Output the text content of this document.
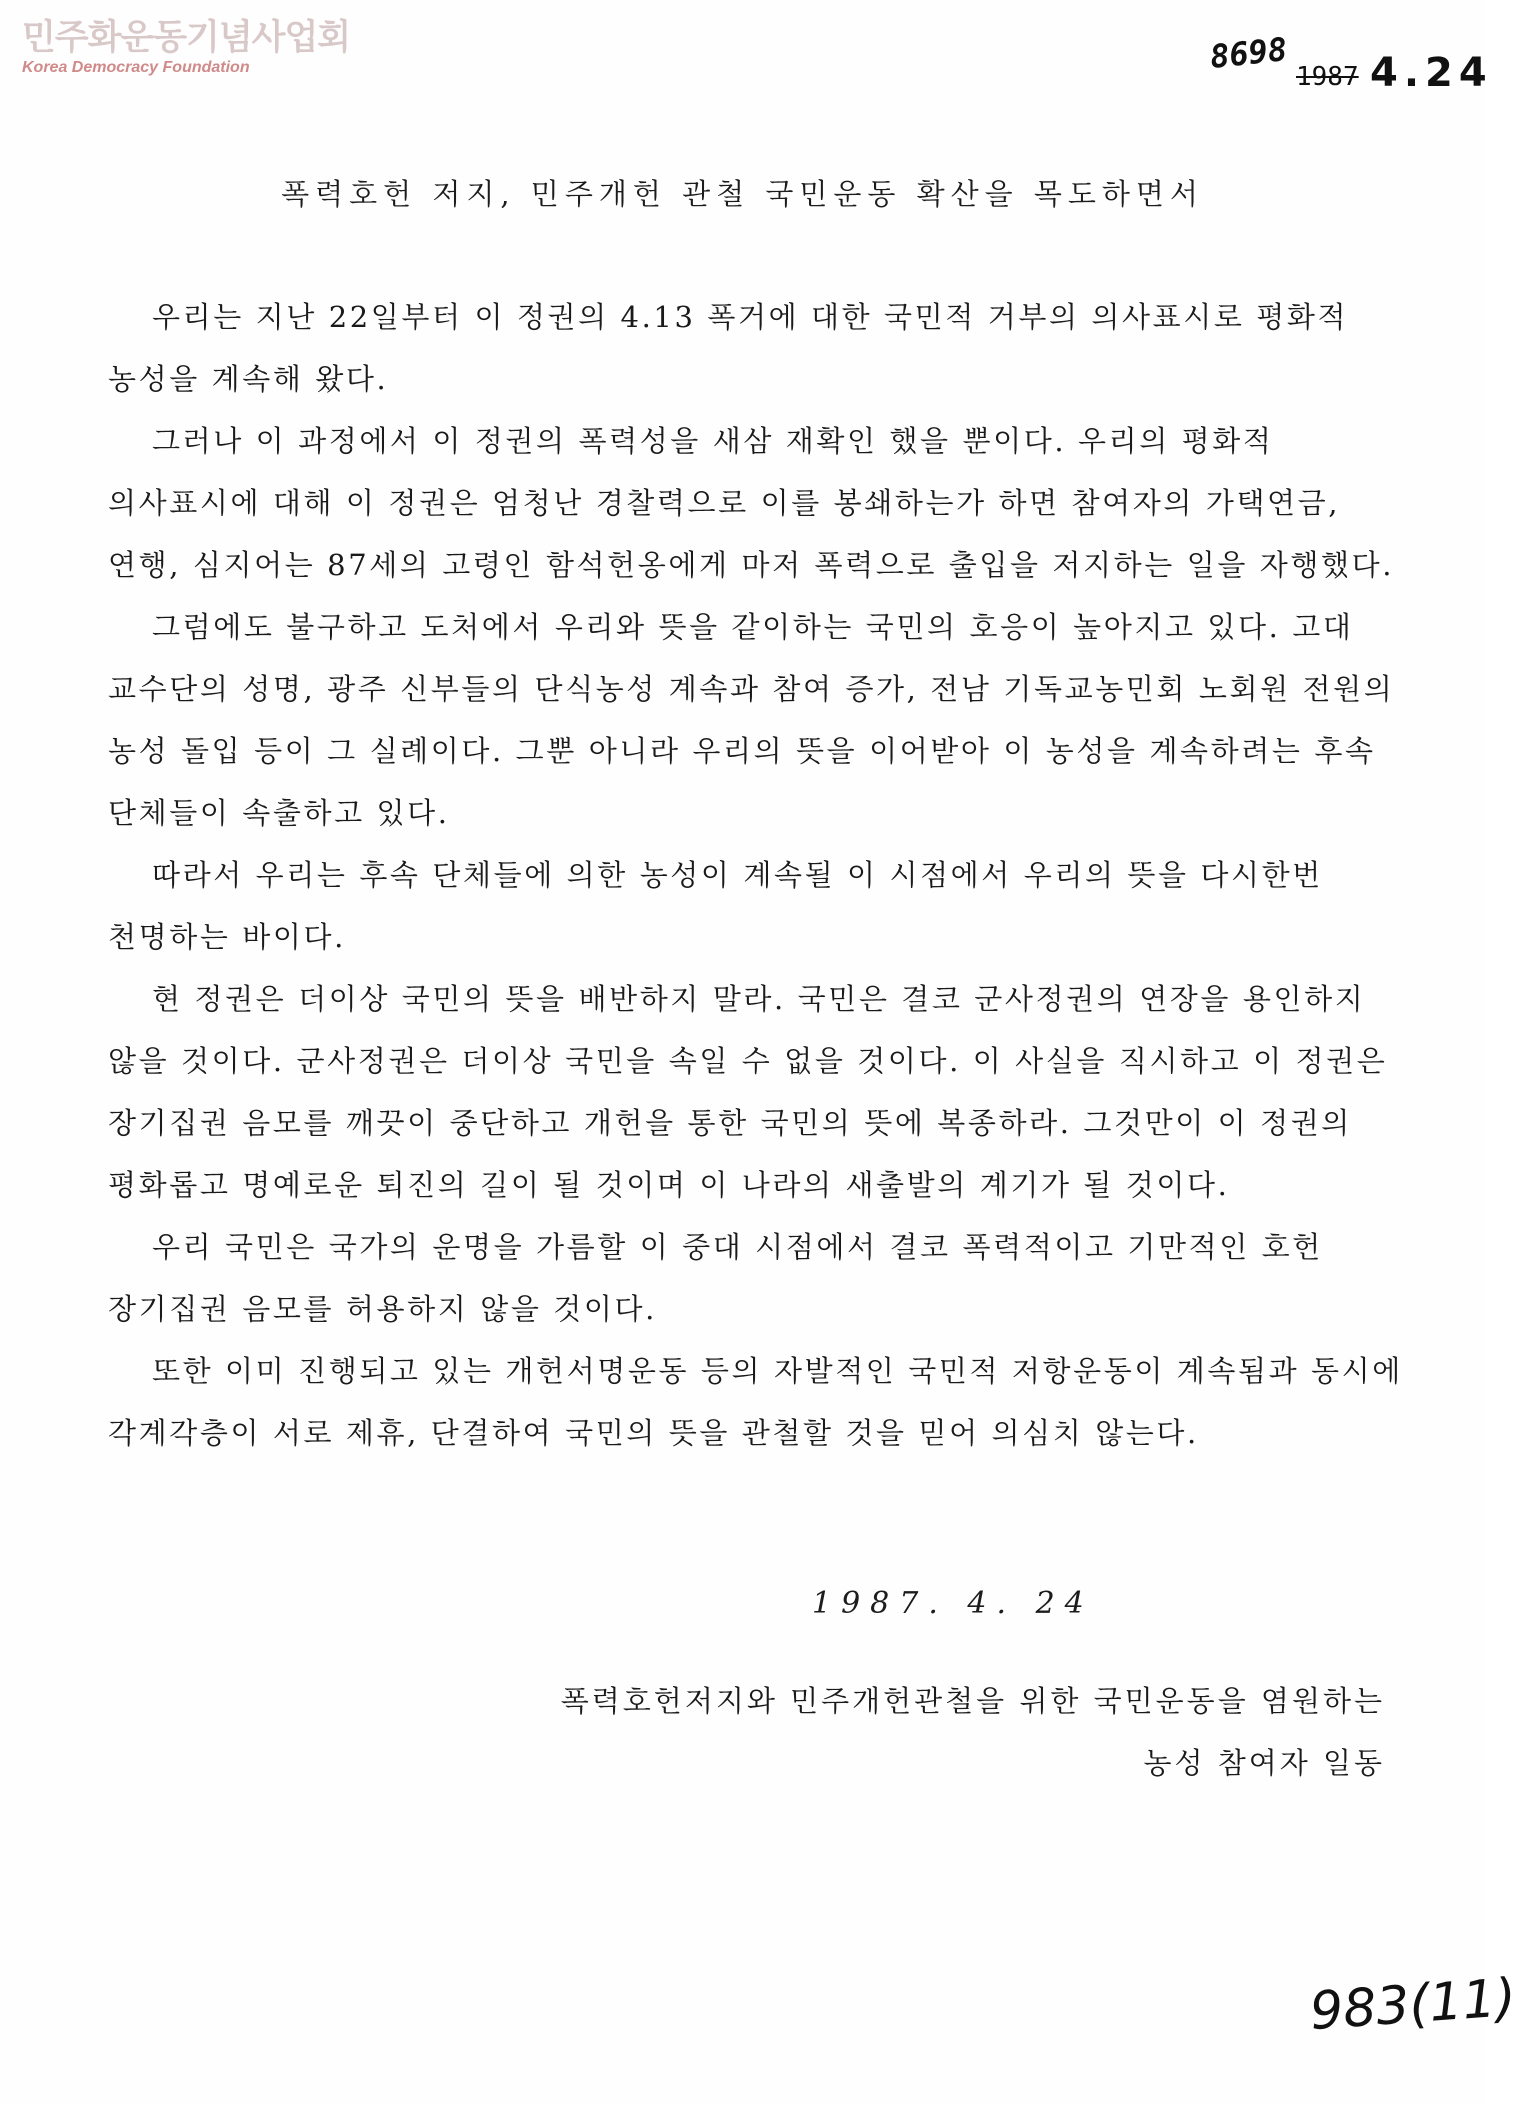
민주화운동기념사업회
Korea Democracy Foundation	8698
1987 4.24
폭력호헌 저지, 민주개헌 관철 국민운동 확산을 목도하면서

우리는 지난 22일부터 이 정권의 4.13 폭거에 대한 국민적 거부의 의사표시로 평화적 농성을 계속해 왔다.

그러나 이 과정에서 이 정권의 폭력성을 새삼 재확인 했을 뿐이다. 우리의 평화적 의사표시에 대해 이 정권은 엄청난 경찰력으로 이를 봉쇄하는가 하면 참여자의 가택연금, 연행, 심지어는 87세의 고령인 함석헌옹에게 마저 폭력으로 출입을 저지하는 일을 자행했다.

그럼에도 불구하고 도처에서 우리와 뜻을 같이하는 국민의 호응이 높아지고 있다. 고대 교수단의 성명, 광주 신부들의 단식농성 계속과 참여 증가, 전남 기독교농민회 노회원 전원의 농성 돌입 등이 그 실례이다. 그뿐 아니라 우리의 뜻을 이어받아 이 농성을 계속하려는 후속 단체들이 속출하고 있다.

따라서 우리는 후속 단체들에 의한 농성이 계속될 이 시점에서 우리의 뜻을 다시한번 천명하는 바이다.

현 정권은 더이상 국민의 뜻을 배반하지 말라. 국민은 결코 군사정권의 연장을 용인하지 않을 것이다. 군사정권은 더이상 국민을 속일 수 없을 것이다. 이 사실을 직시하고 이 정권은 장기집권 음모를 깨끗이 중단하고 개헌을 통한 국민의 뜻에 복종하라. 그것만이 이 정권의 평화롭고 명예로운 퇴진의 길이 될 것이며 이 나라의 새출발의 계기가 될 것이다.

우리 국민은 국가의 운명을 가름할 이 중대 시점에서 결코 폭력적이고 기만적인 호헌 장기집권 음모를 허용하지 않을 것이다.

또한 이미 진행되고 있는 개헌서명운동 등의 자발적인 국민적 저항운동이 계속됨과 동시에 각계각층이 서로 제휴, 단결하여 국민의 뜻을 관철할 것을 믿어 의심치 않는다.

1987. 4. 24
폭력호헌저지와 민주개헌관철을 위한 국민운동을 염원하는
농성 참여자 일동
983(11)
